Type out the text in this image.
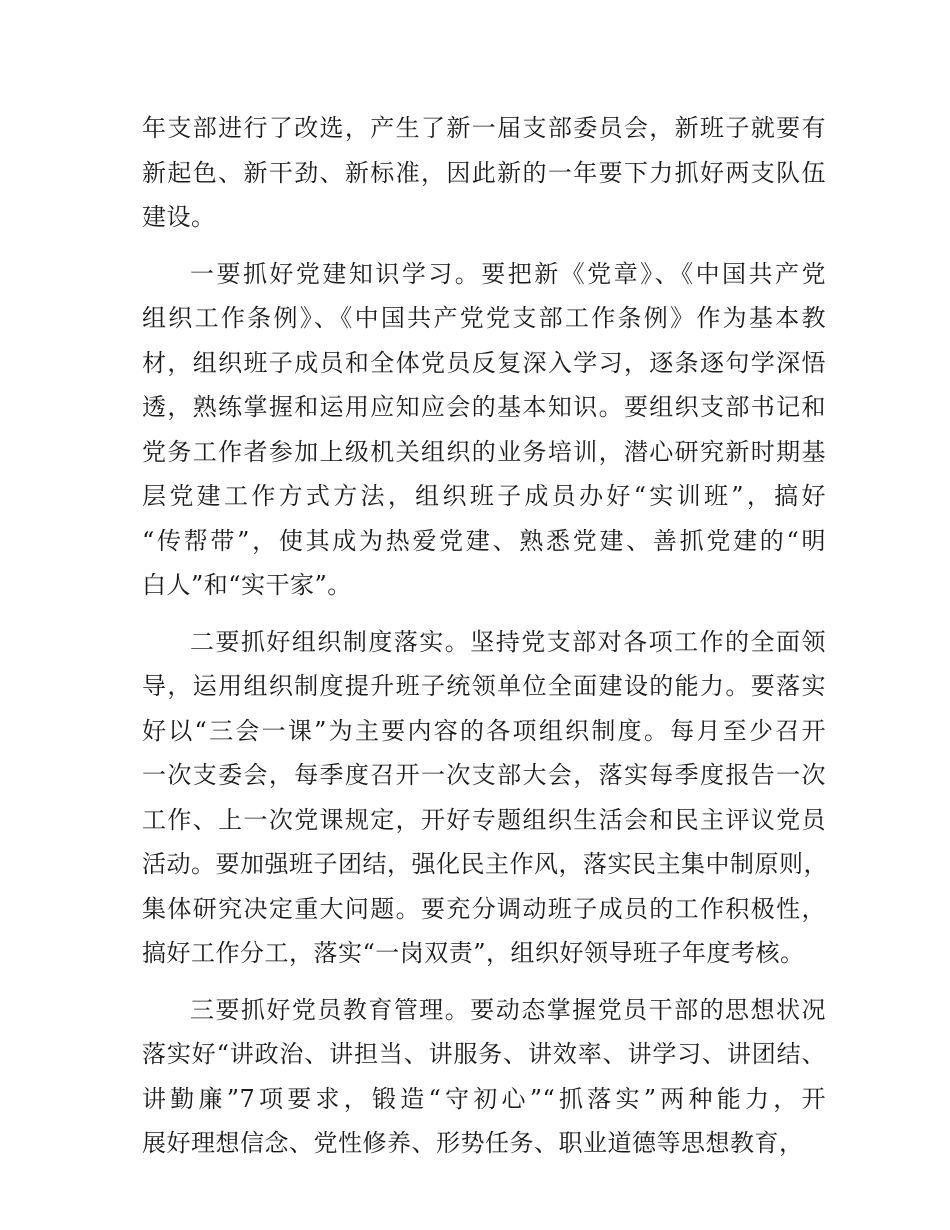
年支部进行了改选，产生了新一届支部委员会，新班子就要有
新起色、新干劲、新标准，因此新的一年要下力抓好两支队伍
建设。
一要抓好党建知识学习。要把新《党章》、《中国共产党
组织工作条例》、《中国共产党党支部工作条例》作为基本教
材，组织班子成员和全体党员反复深入学习，逐条逐句学深悟
透，熟练掌握和运用应知应会的基本知识。要组织支部书记和
党务工作者参加上级机关组织的业务培训，潜心研究新时期基
层党建工作方式方法，组织班子成员办好“实训班”，搞好
“传帮带”，使其成为热爱党建、熟悉党建、善抓党建的“明
白人”和“实干家”。
二要抓好组织制度落实。坚持党支部对各项工作的全面领
导，运用组织制度提升班子统领单位全面建设的能力。要落实
好以“三会一课”为主要内容的各项组织制度。每月至少召开
一次支委会，每季度召开一次支部大会，落实每季度报告一次
工作、上一次党课规定，开好专题组织生活会和民主评议党员
活动。要加强班子团结，强化民主作风，落实民主集中制原则，
集体研究决定重大问题。要充分调动班子成员的工作积极性，
搞好工作分工，落实“一岗双责”，组织好领导班子年度考核。
三要抓好党员教育管理。要动态掌握党员干部的思想状况
落实好“讲政治、讲担当、讲服务、讲效率、讲学习、讲团结、
讲勤廉”7项要求，锻造“守初心”“抓落实”两种能力，开
展好理想信念、党性修养、形势任务、职业道德等思想教育，
